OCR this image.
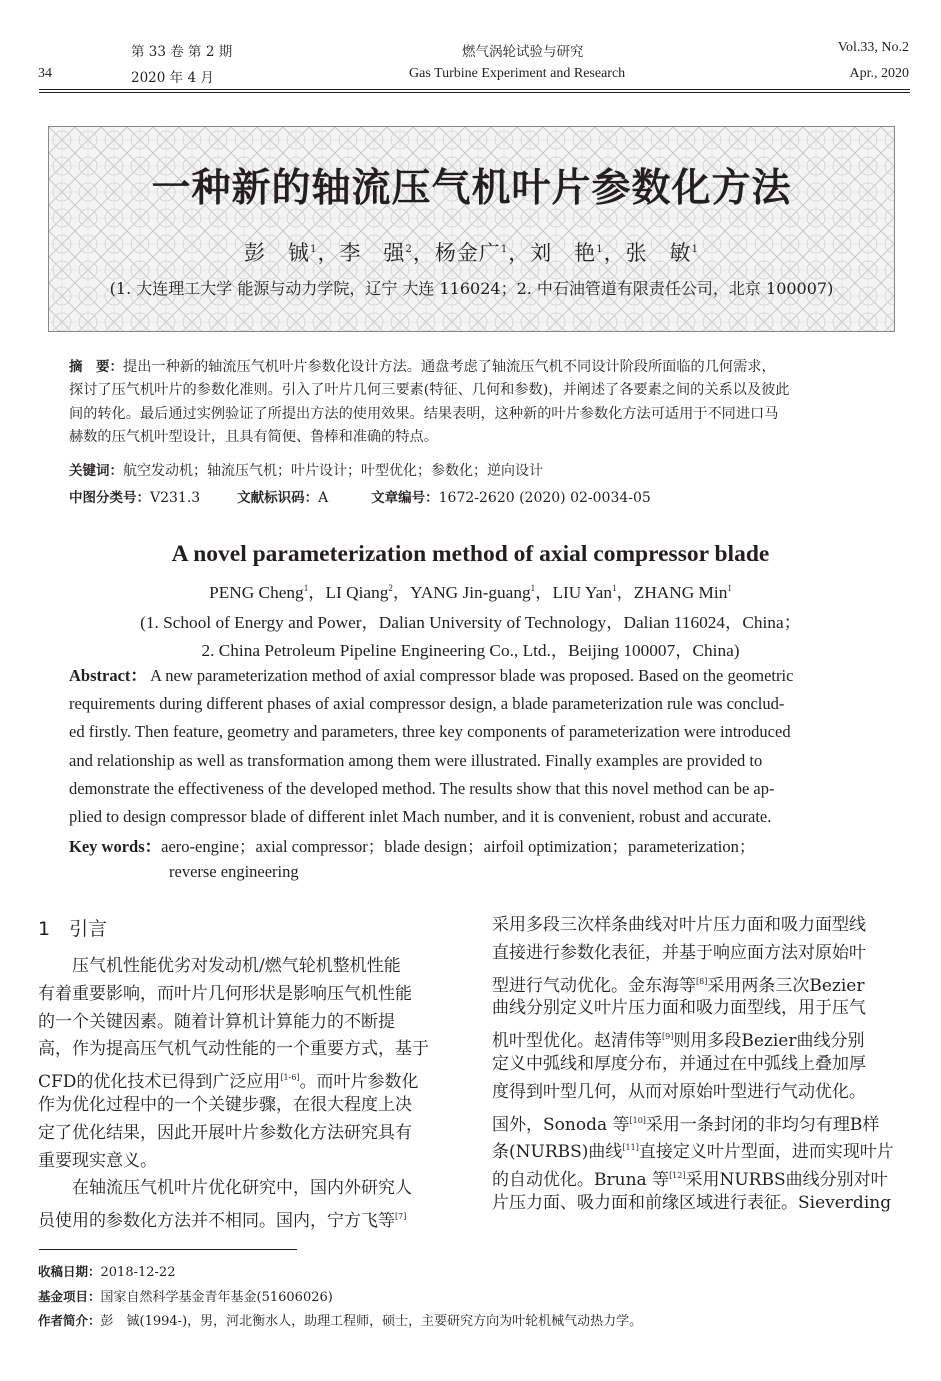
第 33 卷 第 2 期	燃气涡轮试验与研究	Vol.33, No.2
34	2020 年 4 月	Gas Turbine Experiment and Research	Apr., 2020
一种新的轴流压气机叶片参数化方法
彭　铖$^1$，李　强$^2$，杨金广$^1$，刘　艳$^1$，张　敏$^1$
(1. 大连理工大学 能源与动力学院，辽宁 大连 116024；2. 中石油管道有限责任公司，北京 100007)
摘　要：提出一种新的轴流压气机叶片参数化设计方法。通盘考虑了轴流压气机不同设计阶段所面临的几何需求，
探讨了压气机叶片的参数化准则。引入了叶片几何三要素(特征、几何和参数)，并阐述了各要素之间的关系以及彼此
间的转化。最后通过实例验证了所提出方法的使用效果。结果表明，这种新的叶片参数化方法可适用于不同进口马
赫数的压气机叶型设计，且具有简便、鲁棒和准确的特点。
关键词：航空发动机；轴流压气机；叶片设计；叶型优化；参数化；逆向设计
中图分类号：V231.3	文献标识码：A	文章编号：1672-2620 (2020) 02-0034-05
A novel parameterization method of axial compressor blade
PENG Cheng$^1$，LI Qiang$^2$，YANG Jin-guang$^1$，LIU Yan$^1$，ZHANG Min$^1$
(1. School of Energy and Power，Dalian University of Technology，Dalian 116024，China；
2. China Petroleum Pipeline Engineering Co., Ltd.，Beijing 100007，China)
Abstract： A new parameterization method of axial compressor blade was proposed. Based on the geometric
requirements during different phases of axial compressor design, a blade parameterization rule was conclud-
ed firstly. Then feature, geometry and parameters, three key components of parameterization were introduced
and relationship as well as transformation among them were illustrated. Finally examples are provided to
demonstrate the effectiveness of the developed method. The results show that this novel method can be ap-
plied to design compressor blade of different inlet Mach number, and it is convenient, robust and accurate.
Key words：aero-engine；axial compressor；blade design；airfoil optimization；parameterization；
reverse engineering
1　引言
　　压气机性能优劣对发动机/燃气轮机整机性能
有着重要影响，而叶片几何形状是影响压气机性能
的一个关键因素。随着计算机计算能力的不断提
高，作为提高压气机气动性能的一个重要方式，基于
CFD的优化技术已得到广泛应用[1-6]。而叶片参数化
作为优化过程中的一个关键步骤，在很大程度上决
定了优化结果，因此开展叶片参数化方法研究具有
重要现实意义。
　　在轴流压气机叶片优化研究中，国内外研究人
员使用的参数化方法并不相同。国内，宁方飞等[7]
采用多段三次样条曲线对叶片压力面和吸力面型线
直接进行参数化表征，并基于响应面方法对原始叶
型进行气动优化。金东海等[8]采用两条三次Bezier
曲线分别定义叶片压力面和吸力面型线，用于压气
机叶型优化。赵清伟等[9]则用多段Bezier曲线分别
定义中弧线和厚度分布，并通过在中弧线上叠加厚
度得到叶型几何，从而对原始叶型进行气动优化。
国外，Sonoda 等[10]采用一条封闭的非均匀有理B样
条(NURBS)曲线[11]直接定义叶片型面，进而实现叶片
的自动优化。Bruna 等[12]采用NURBS曲线分别对叶
片压力面、吸力面和前缘区域进行表征。Sieverding
收稿日期：2018-12-22
基金项目：国家自然科学基金青年基金(51606026)
作者简介：彭　铖(1994-)，男，河北衡水人，助理工程师，硕士，主要研究方向为叶轮机械气动热力学。
